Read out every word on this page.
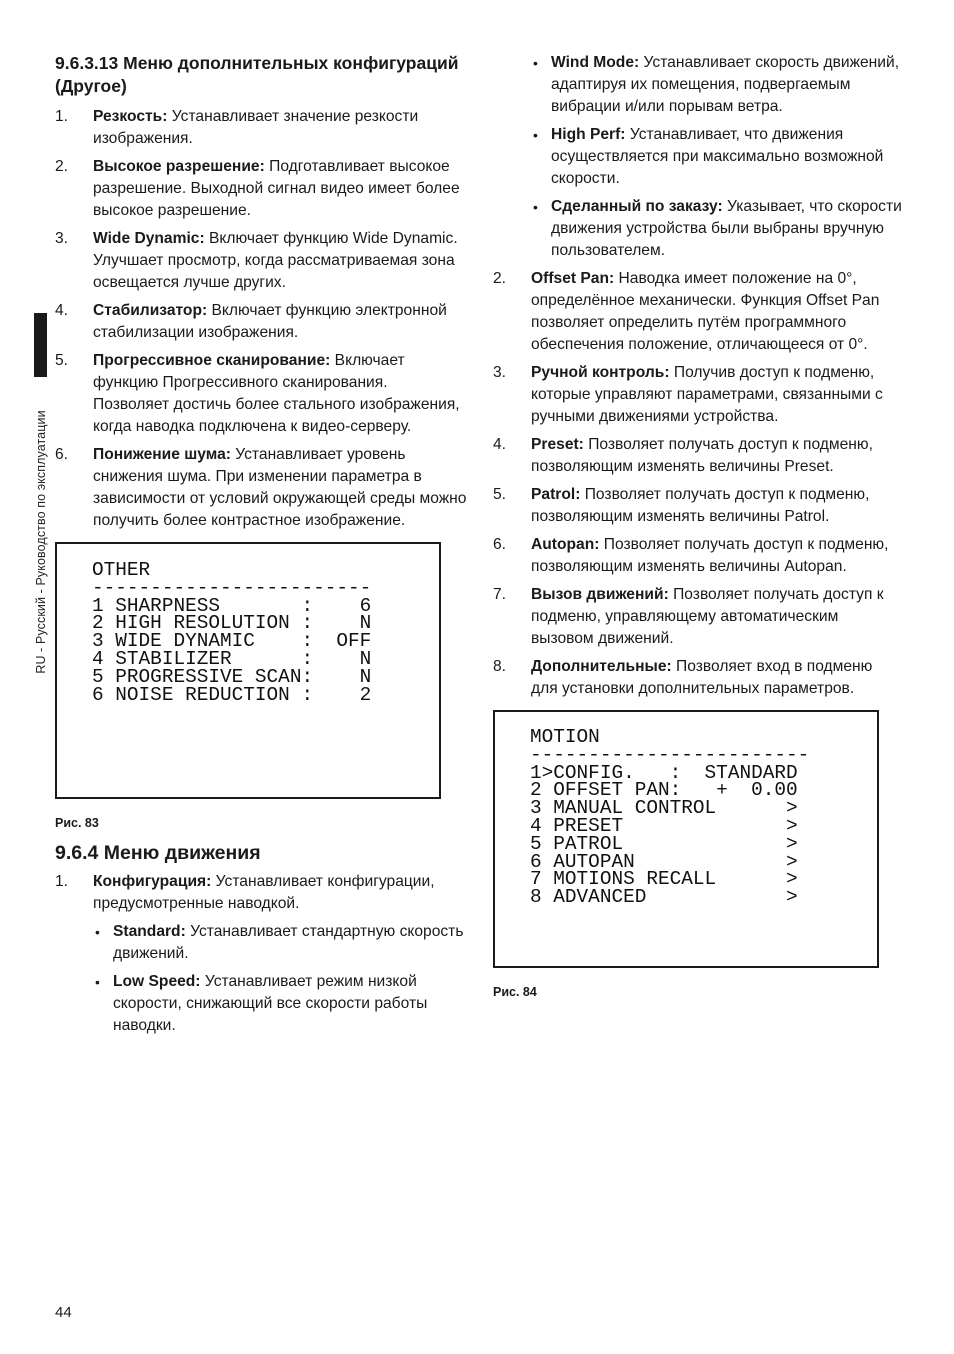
RU - Русский - Руководство по эксплуатации
9.6.3.13 Меню дополнительных конфигураций (Другое)
1. Резкость: Устанавливает значение резкости изображения.
2. Высокое разрешение: Подготавливает высокое разрешение. Выходной сигнал видео имеет более высокое разрешение.
3. Wide Dynamic: Включает функцию Wide Dynamic. Улучшает просмотр, когда рассматриваемая зона освещается лучше других.
4. Стабилизатор: Включает функцию электронной стабилизации изображения.
5. Прогрессивное сканирование: Включает функцию Прогрессивного сканирования. Позволяет достичь более стального изображения, когда наводка подключена к видео-серверу.
6. Понижение шума: Устанавливает уровень снижения шума. При изменении параметра в зависимости от условий окружающей среды можно получить более контрастное изображение.
OTHER
------------------------
1 SHARPNESS       :    6
2 HIGH RESOLUTION :    N
3 WIDE DYNAMIC    :  OFF
4 STABILIZER      :    N
5 PROGRESSIVE SCAN:    N
6 NOISE REDUCTION :    2
Рис. 83
9.6.4 Меню движения
1. Конфигурация: Устанавливает конфигурации, предусмотренные наводкой.
• Standard: Устанавливает стандартную скорость движений.
• Low Speed: Устанавливает режим низкой скорости, снижающий все скорости работы наводки.
• Wind Mode: Устанавливает скорость движений, адаптируя их помещения, подвергаемым вибрации и/или порывам ветра.
• High Perf: Устанавливает, что движения осуществляется при максимально возможной скорости.
• Сделанный по заказу: Указывает, что скорости движения устройства были выбраны вручную пользователем.
2. Offset Pan: Наводка имеет положение на 0°, определённое механически. Функция Offset Pan позволяет определить путём программного обеспечения положение, отличающееся от 0°.
3. Ручной контроль: Получив доступ к подменю, которые управляют параметрами, связанными с ручными движениями устройства.
4. Preset: Позволяет получать доступ к подменю, позволяющим изменять величины Preset.
5. Patrol: Позволяет получать доступ к подменю, позволяющим изменять величины Patrol.
6. Autopan: Позволяет получать доступ к подменю, позволяющим изменять величины Autopan.
7. Вызов движений: Позволяет получать доступ к подменю, управляющему автоматическим вызовом движений.
8. Дополнительные: Позволяет вход в подменю для установки дополнительных параметров.
MOTION
------------------------
1>CONFIG.   :  STANDARD
2 OFFSET PAN:   +  0.00
3 MANUAL CONTROL      >
4 PRESET              >
5 PATROL              >
6 AUTOPAN             >
7 MOTIONS RECALL      >
8 ADVANCED            >
Рис. 84
44
